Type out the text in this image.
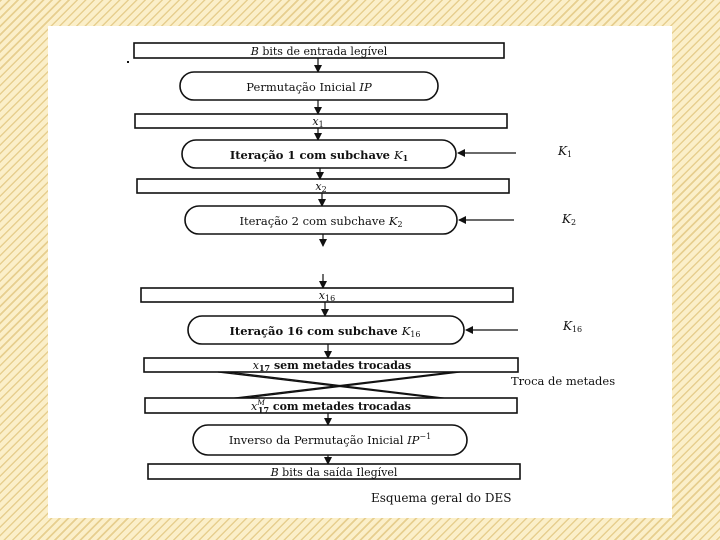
B bits de entrada legível
Permutação Inicial IP
x1
Iteração 1 com subchave K1	K1
x2
Iteração 2 com subchave K2	K2
x16
Iteração 16 com subchave K16
K16
x17 sem metades trocadas
Troca de metades
$x^M$ 17 com metades trocadas
Inverso da Permutação Inicial $IP^{-1}$
B bits da saída Ilegível
Esquema geral do DES
